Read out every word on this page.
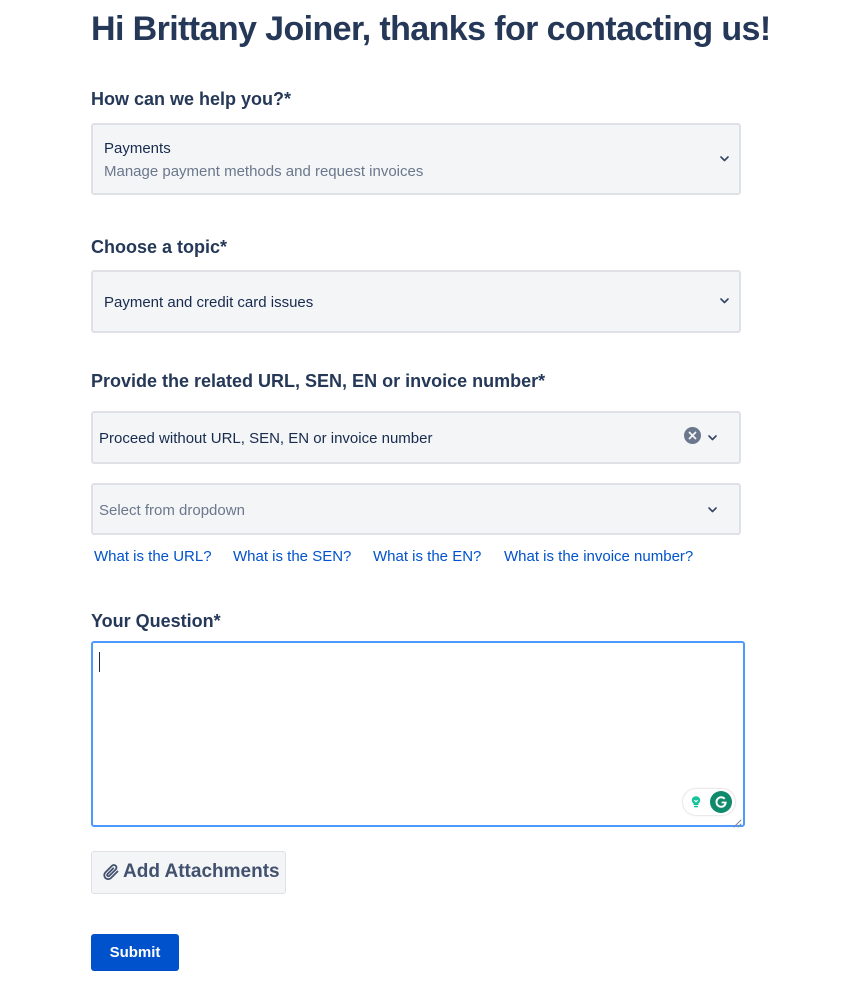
Hi Brittany Joiner, thanks for contacting us!
How can we help you?*
Payments
Manage payment methods and request invoices
Choose a topic*
Payment and credit card issues
Provide the related URL, SEN, EN or invoice number*
Proceed without URL, SEN, EN or invoice number
Select from dropdown
What is the URL? What is the SEN? What is the EN? What is the invoice number?
Your Question*
Add Attachments
Submit
